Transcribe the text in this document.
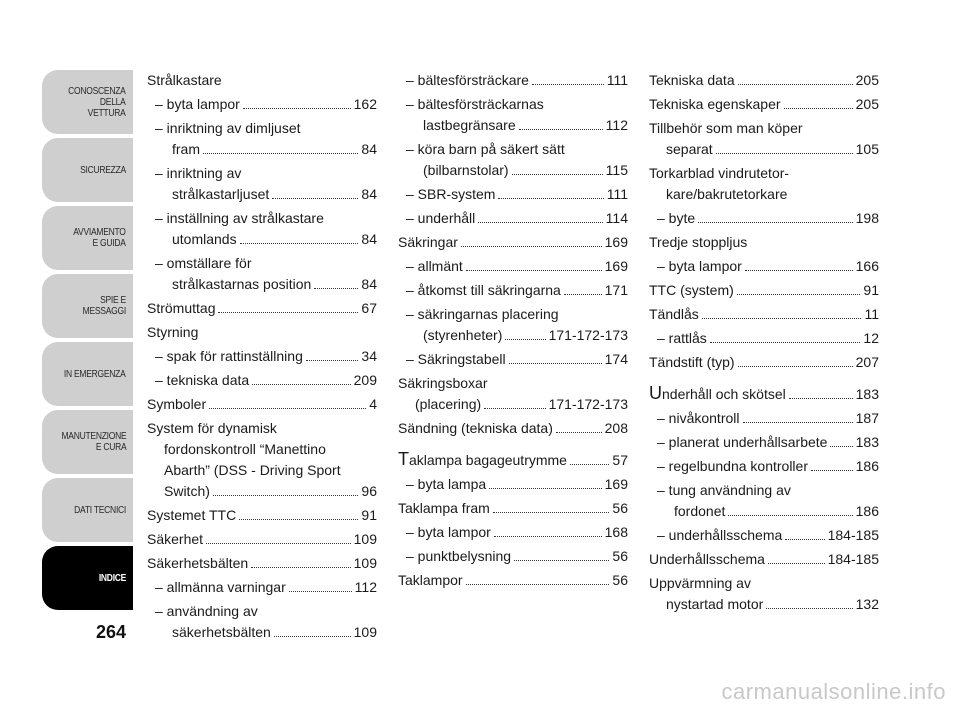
CONOSCENZA
DELLA
VETTURA
SICUREZZA
AVVIAMENTO
E GUIDA
SPIE E
MESSAGGI
IN EMERGENZA
MANUTENZIONE
E CURA
DATI TECNICI
INDICE
264
Strålkastare
– byta lampor	162
– inriktning av dimljuset
fram	84
– inriktning av
strålkastarljuset	84
– inställning av strålkastare
utomlands	84
– omställare för
strålkastarnas position	84
Strömuttag	67
Styrning
– spak för rattinställning	34
– tekniska data	209
Symboler	4
System för dynamisk
fordonskontroll “Manettino
Abarth” (DSS - Driving Sport
Switch)	96
Systemet TTC	91
Säkerhet	109
Säkerhetsbälten	109
– allmänna varningar	112
– användning av
säkerhetsbälten	109
– bältesförsträckare	111
– bältesförsträckarnas
lastbegränsare	112
– köra barn på säkert sätt
(bilbarnstolar)	115
– SBR-system	111
– underhåll	114
Säkringar	169
– allmänt	169
– åtkomst till säkringarna	171
– säkringarnas placering
(styrenheter)	171-172-173
– Säkringstabell	174
Säkringsboxar
(placering)	171-172-173
Sändning (tekniska data)	208
Taklampa bagageutrymme	57
– byta lampa	169
Taklampa fram	56
– byta lampor	168
– punktbelysning	56
Taklampor	56
Tekniska data	205
Tekniska egenskaper	205
Tillbehör som man köper
separat	105
Torkarblad vindrutetor-
kare/bakrutetorkare
– byte	198
Tredje stoppljus
– byta lampor	166
TTC (system)	91
Tändlås	11
– rattlås	12
Tändstift (typ)	207
Underhåll och skötsel	183
– nivåkontroll	187
– planerat underhållsarbete 183
– regelbundna kontroller	186
– tung användning av
fordonet	186
– underhållsschema	184-185
Underhållsschema	184-185
Uppvärmning av
nystartad motor	132
carmanualsonline.info
